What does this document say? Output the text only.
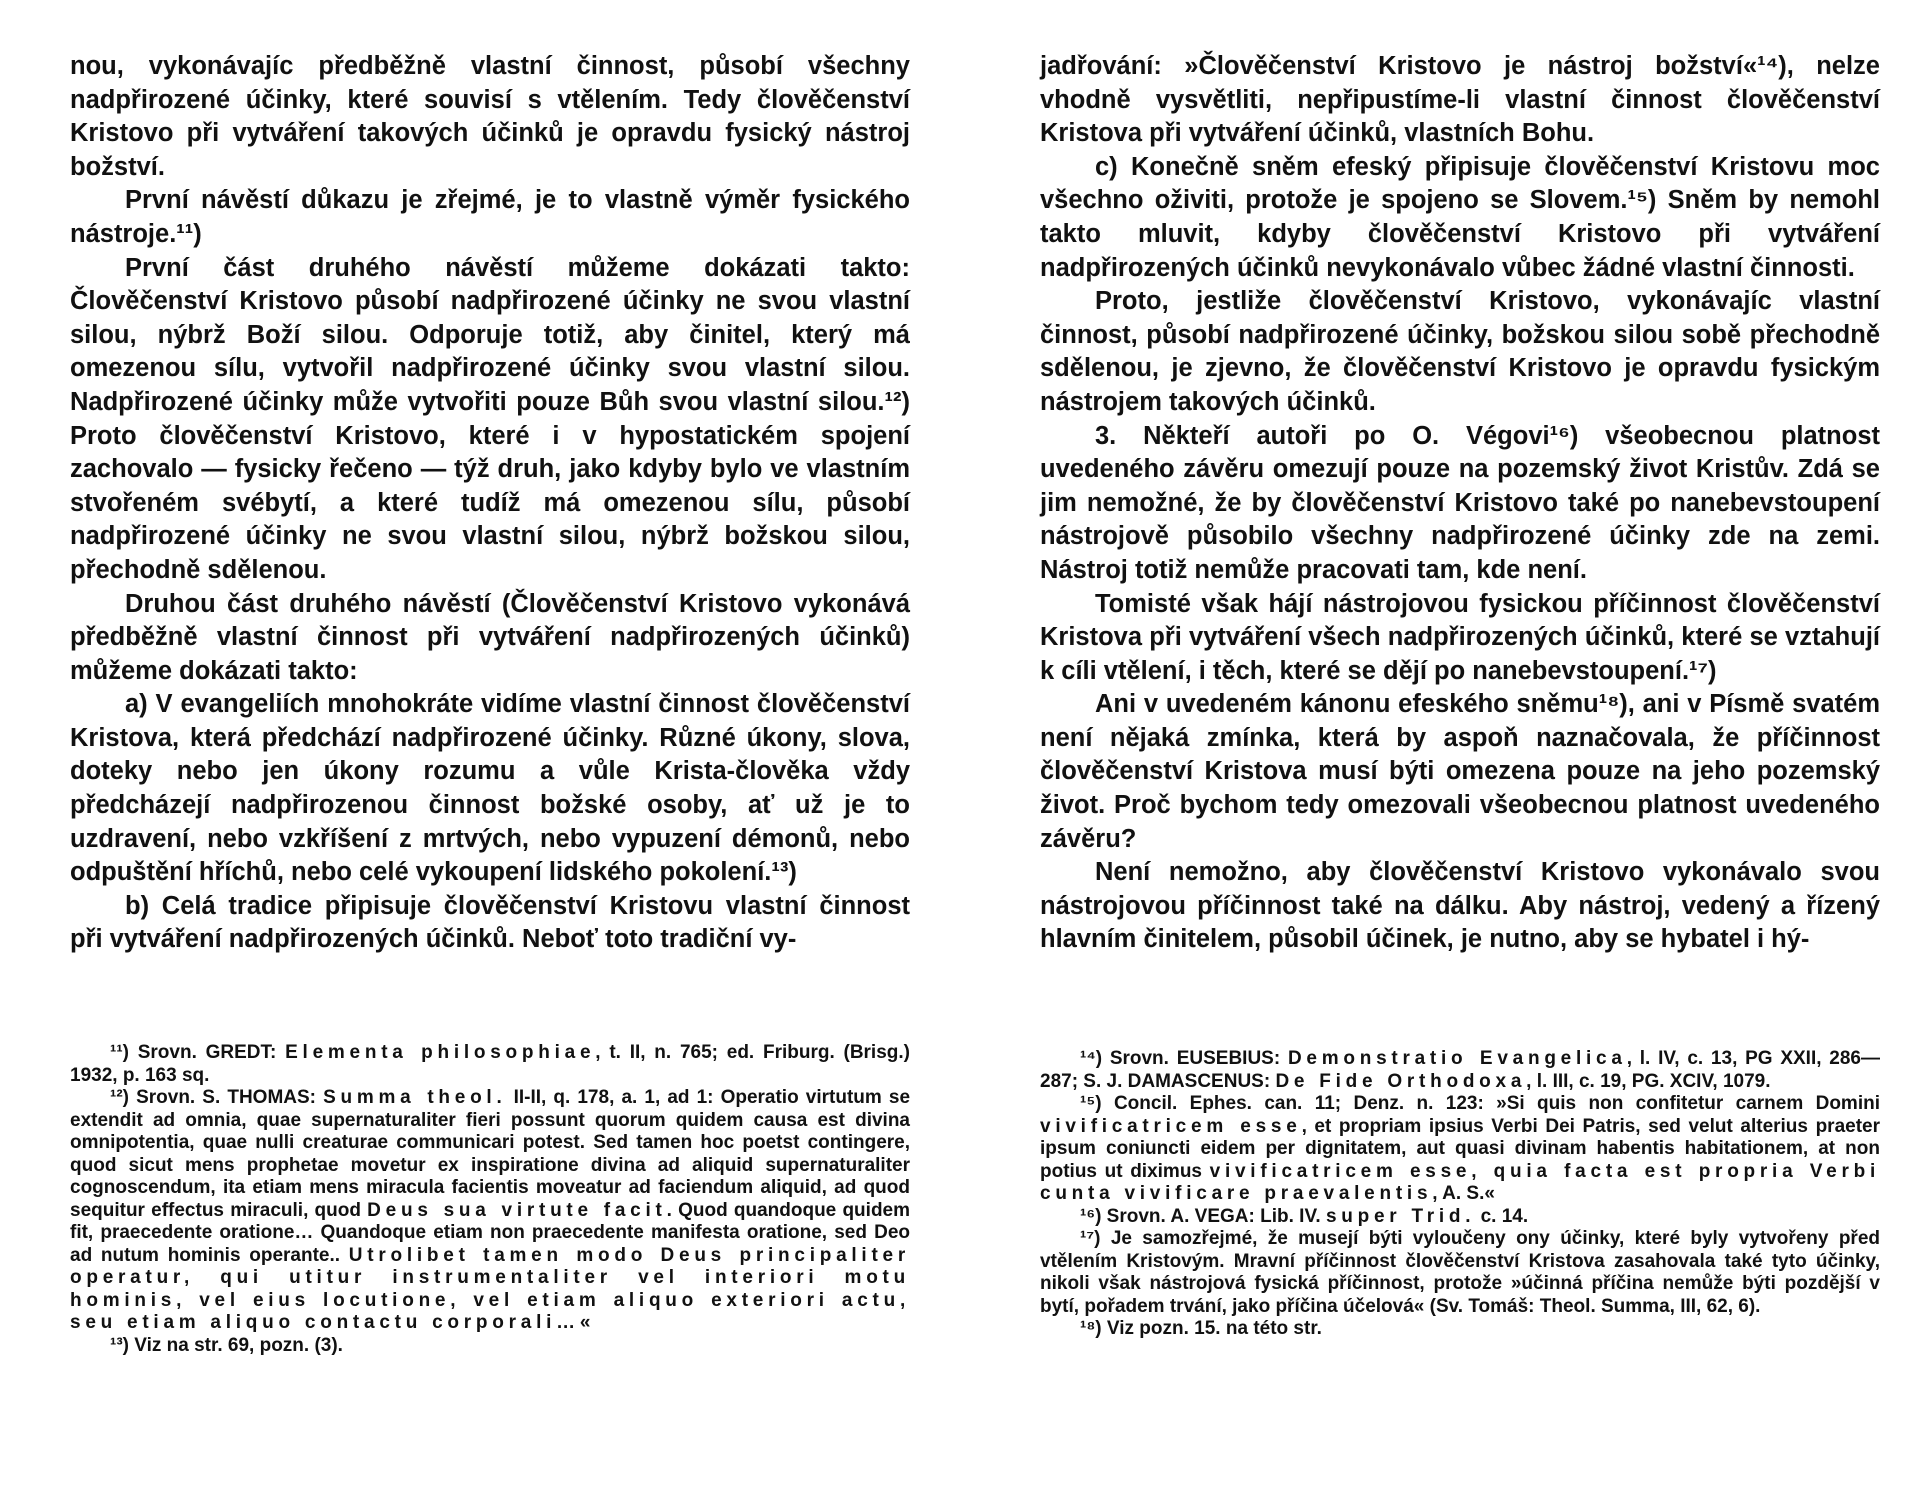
nou, vykonávajíc předběžně vlastní činnost, působí všechny nadpřirozené účinky, které souvisí s vtělením. Tedy člověčenství Kristovo při vytváření takových účinků je opravdu fysický nástroj božství.

První návěstí důkazu je zřejmé, je to vlastně výměr fysického nástroje.¹¹)

První část druhého návěstí můžeme dokázati takto: Člověčenství Kristovo působí nadpřirozené účinky ne svou vlastní silou, nýbrž Boží silou. Odporuje totiž, aby činitel, který má omezenou sílu, vytvořil nadpřirozené účinky svou vlastní silou. Nadpřirozené účinky může vytvořiti pouze Bůh svou vlastní silou.¹²) Proto člověčenství Kristovo, které i v hypostatickém spojení zachovalo — fysicky řečeno — týž druh, jako kdyby bylo ve vlastním stvořeném svébytí, a které tudíž má omezenou sílu, působí nadpřirozené účinky ne svou vlastní silou, nýbrž božskou silou, přechodně sdělenou.

Druhou část druhého návěstí (Člověčenství Kristovo vykonává předběžně vlastní činnost při vytváření nadpřirozených účinků) můžeme dokázati takto:

a) V evangeliích mnohokráte vidíme vlastní činnost člověčenství Kristova, která předchází nadpřirozené účinky. Různé úkony, slova, doteky nebo jen úkony rozumu a vůle Krista-člověka vždy předcházejí nadpřirozenou činnost božské osoby, ať už je to uzdravení, nebo vzkříšení z mrtvých, nebo vypuzení démonů, nebo odpuštění hříchů, nebo celé vykoupení lidského pokolení.¹³)

b) Celá tradice připisuje člověčenství Kristovu vlastní činnost při vytváření nadpřirozených účinků. Neboť toto tradiční vy-

¹¹) Srovn. GREDT: Elementa philosophiae, t. II, n. 765; ed. Friburg. (Brisg.) 1932, p. 163 sq.

¹²) Srovn. S. THOMAS: Summa theol. II-II, q. 178, a. 1, ad 1: Operatio virtutum se extendit ad omnia, quae supernaturaliter fieri possunt quorum quidem causa est divina omnipotentia, quae nulli creaturae communicari potest. Sed tamen hoc poetst contingere, quod sicut mens prophetae movetur ex inspiratione divina ad aliquid supernaturaliter cognoscendum, ita etiam mens miracula facientis moveatur ad faciendum aliquid, ad quod sequitur effectus miraculi, quod Deus sua virtute facit. Quod quandoque quidem fit, praecedente oratione… Quandoque etiam non praecedente manifesta oratione, sed Deo ad nutum hominis operante.. Utrolibet tamen modo Deus principaliter operatur, qui utitur instrumentaliter vel interiori motu hominis, vel eius locutione, vel etiam aliquo exteriori actu, seu etiam aliquo contactu corporali…«

¹³) Viz na str. 69, pozn. (3).

jadřování: »Člověčenství Kristovo je nástroj božství«¹⁴), nelze vhodně vysvětliti, nepřipustíme-li vlastní činnost člověčenství Kristova při vytváření účinků, vlastních Bohu.

c) Konečně sněm efeský připisuje člověčenství Kristovu moc všechno oživiti, protože je spojeno se Slovem.¹⁵) Sněm by nemohl takto mluvit, kdyby člověčenství Kristovo při vytváření nadpřirozených účinků nevykonávalo vůbec žádné vlastní činnosti.

Proto, jestliže člověčenství Kristovo, vykonávajíc vlastní činnost, působí nadpřirozené účinky, božskou silou sobě přechodně sdělenou, je zjevno, že člověčenství Kristovo je opravdu fysickým nástrojem takových účinků.

3. Někteří autoři po O. Végovi¹⁶) všeobecnou platnost uvedeného závěru omezují pouze na pozemský život Kristův. Zdá se jim nemožné, že by člověčenství Kristovo také po nanebevstoupení nástrojově působilo všechny nadpřirozené účinky zde na zemi. Nástroj totiž nemůže pracovati tam, kde není.

Tomisté však hájí nástrojovou fysickou příčinnost člověčenství Kristova při vytváření všech nadpřirozených účinků, které se vztahují k cíli vtělení, i těch, které se dějí po nanebevstoupení.¹⁷)

Ani v uvedeném kánonu efeského sněmu¹⁸), ani v Písmě svatém není nějaká zmínka, která by aspoň naznačovala, že příčinnost člověčenství Kristova musí býti omezena pouze na jeho pozemský život. Proč bychom tedy omezovali všeobecnou platnost uvedeného závěru?

Není nemožno, aby člověčenství Kristovo vykonávalo svou nástrojovou příčinnost také na dálku. Aby nástroj, vedený a řízený hlavním činitelem, působil účinek, je nutno, aby se hybatel i hý-

¹⁴) Srovn. EUSEBIUS: Demonstratio Evangelica, l. IV, c. 13, PG XXII, 286—287; S. J. DAMASCENUS: De Fide Orthodoxa, l. III, c. 19, PG. XCIV, 1079.

¹⁵) Concil. Ephes. can. 11; Denz. n. 123: »Si quis non confitetur carnem Domini vivificatricem esse, et propriam ipsius Verbi Dei Patris, sed velut alterius praeter ipsum coniuncti eidem per dignitatem, aut quasi divinam habentis habitationem, at non potius ut diximus vivificatricem esse, quia facta est propria Verbi cunta vivificare praevalentis, A. S.«

¹⁶) Srovn. A. VEGA: Lib. IV. super Trid. c. 14.

¹⁷) Je samozřejmé, že musejí býti vyloučeny ony účinky, které byly vytvořeny před vtělením Kristovým. Mravní příčinnost člověčenství Kristova zasahovala také tyto účinky, nikoli však nástrojová fysická příčinnost, protože »účinná příčina nemůže býti pozdější v bytí, pořadem trvání, jako příčina účelová« (Sv. Tomáš: Theol. Summa, III, 62, 6).

¹⁸) Viz pozn. 15. na této str.
